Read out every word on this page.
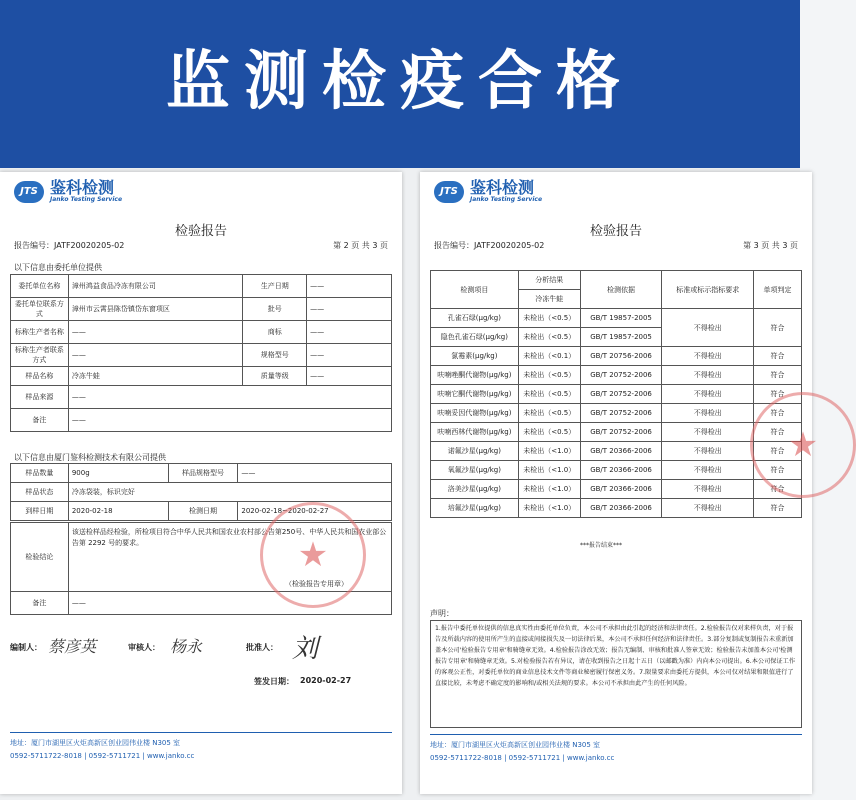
监测检疫合格
JTS 鉴科检测
Janko Testing Service
检验报告
报告编号：JATF20020205-02	第 2 页 共 3 页
以下信息由委托单位提供
委托单位名称	漳州鸿益食品冷冻有限公司	生产日期	——
委托单位联系方式	漳州市云霄县陈岱镇岱东窗项区	批号	——
标称生产者名称	——	商标	——
标称生产者联系方式	——	规格型号	——
样品名称	冷冻牛蛙	质量等级	——
样品来源	——		
备注	——		
以下信息由厦门鉴科检测技术有限公司提供
样品数量	900g	样品规格型号	——
样品状态	冷冻袋装，标识完好		
到样日期	2020-02-18	检测日期	2020-02-18~2020-02-27
检验结论	该送检样品经检验，所检项目符合中华人民共和国农业农村部公告第250号、中华人民共和国农业部公告第 2292 号的要求。
（检验报告专用章）

备注	——
★
编制人： 蔡彦英	审核人： 杨永	批准人： 刘
签发日期： 2020-02-27
地址：厦门市湖里区火炬高新区创业园伟业楼 N305 室
0592-5711722-8018 | 0592-5711721 | www.janko.cc
JTS 鉴科检测
Janko Testing Service
检验报告
报告编号：JATF20020205-02	第 3 页 共 3 页
检测项目	分析结果	检测依据	标准或标示指标要求	单项判定
	冷冻牛蛙			
孔雀石绿(μg/kg)	未检出（<0.5）	GB/T 19857-2005	不得检出	符合
隐色孔雀石绿(μg/kg)	未检出（<0.5）	GB/T 19857-2005		
氯霉素(μg/kg)	未检出（<0.1）	GB/T 20756-2006	不得检出	符合
呋喃唑酮代谢物(μg/kg)	未检出（<0.5）	GB/T 20752-2006	不得检出	符合
呋喃它酮代谢物(μg/kg)	未检出（<0.5）	GB/T 20752-2006	不得检出	符合
呋喃妥因代谢物(μg/kg)	未检出（<0.5）	GB/T 20752-2006	不得检出	符合
呋喃西林代谢物(μg/kg)	未检出（<0.5）	GB/T 20752-2006	不得检出	符合
诺氟沙星(μg/kg)	未检出（<1.0）	GB/T 20366-2006	不得检出	符合
氧氟沙星(μg/kg)	未检出（<1.0）	GB/T 20366-2006	不得检出	符合
洛美沙星(μg/kg)	未检出（<1.0）	GB/T 20366-2006	不得检出	符合
培氟沙星(μg/kg)	未检出（<1.0）	GB/T 20366-2006	不得检出	符合
***报告结束***
★
声明：
1.报告中委托单位提供的信息真实性由委托单位负责，本公司不承担由此引起的经济和法律责任。2.检验报告仅对来样负责，对于报告及所载内容的使用所产生的直接或间接损失及一切法律后果，本公司不承担任何经济和法律责任。3.部分复制或复制报告未重新加盖本公司'检验报告专用章'和骑缝章无效。4.检验报告涂改无效；报告无编制、审核和批准人签章无效；检验报告未加盖本公司'检测报告专用章'和骑缝章无效。5.对检验报告若有异议，请在收到报告之日起十五日（以邮戳为准）内向本公司提出。6.本公司保证工作的客观公正性，对委托单位的商业信息技术文件等商业秘密履行保密义务。7.限量要求由委托方提供，本公司仅对结果和限值进行了直接比较，未考虑不确定度的影响和/或相关法规的要求。本公司不承担由此产生的任何风险。
地址：厦门市湖里区火炬高新区创业园伟业楼 N305 室
0592-5711722-8018 | 0592-5711721 | www.janko.cc
